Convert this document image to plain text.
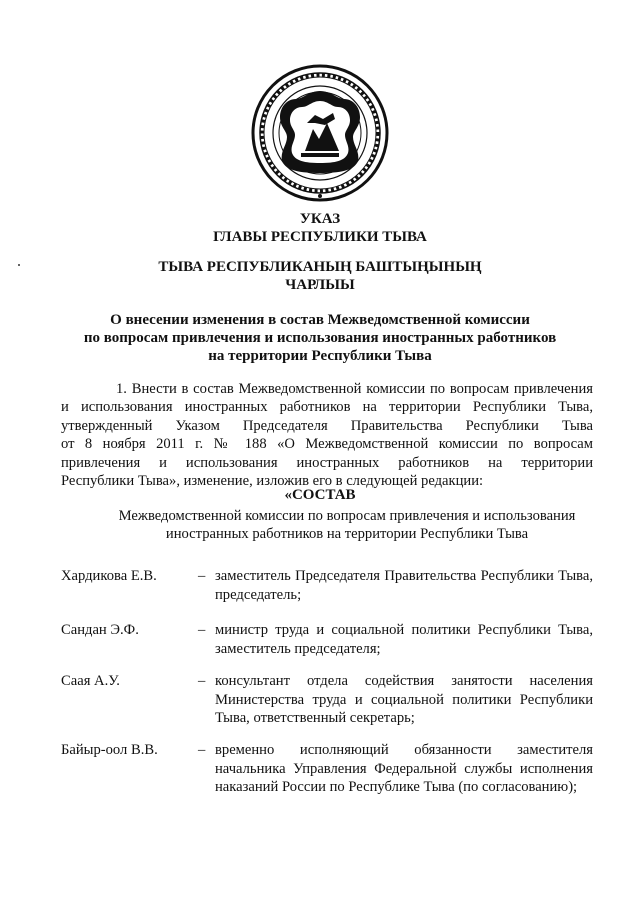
УКАЗ
ГЛАВЫ РЕСПУБЛИКИ ТЫВА
ТЫВА РЕСПУБЛИКАНЫҢ БАШТЫҢЫНЫҢ
ЧАРЛЫЫ
О внесении изменения в состав Межведомственной комиссии
по вопросам привлечения и использования иностранных работников
на территории Республики Тыва
1. Внести в состав Межведомственной комиссии по вопросам привлечения
и использования иностранных работников на территории Республики Тыва,
утвержденный Указом Председателя Правительства Республики Тыва
от 8 ноября 2011 г. № 188 «О Межведомственной комиссии по вопросам
привлечения и использования иностранных работников на территории
Республики Тыва», изменение, изложив его в следующей редакции:
«СОСТАВ
Межведомственной комиссии по вопросам привлечения и использования
иностранных работников на территории Республики Тыва
Хардикова Е.В.	– заместитель Председателя Правительства Республики Тыва, председатель;
Сандан Э.Ф.	– министр труда и социальной политики Республики Тыва, заместитель председателя;
Саая А.У.	– консультант отдела содействия занятости населения Министерства труда и социальной политики Республики Тыва, ответственный секретарь;
Байыр-оол В.В.	– временно исполняющий обязанности заместителя начальника Управления Федеральной службы исполнения наказаний России по Республике Тыва (по согласованию);
